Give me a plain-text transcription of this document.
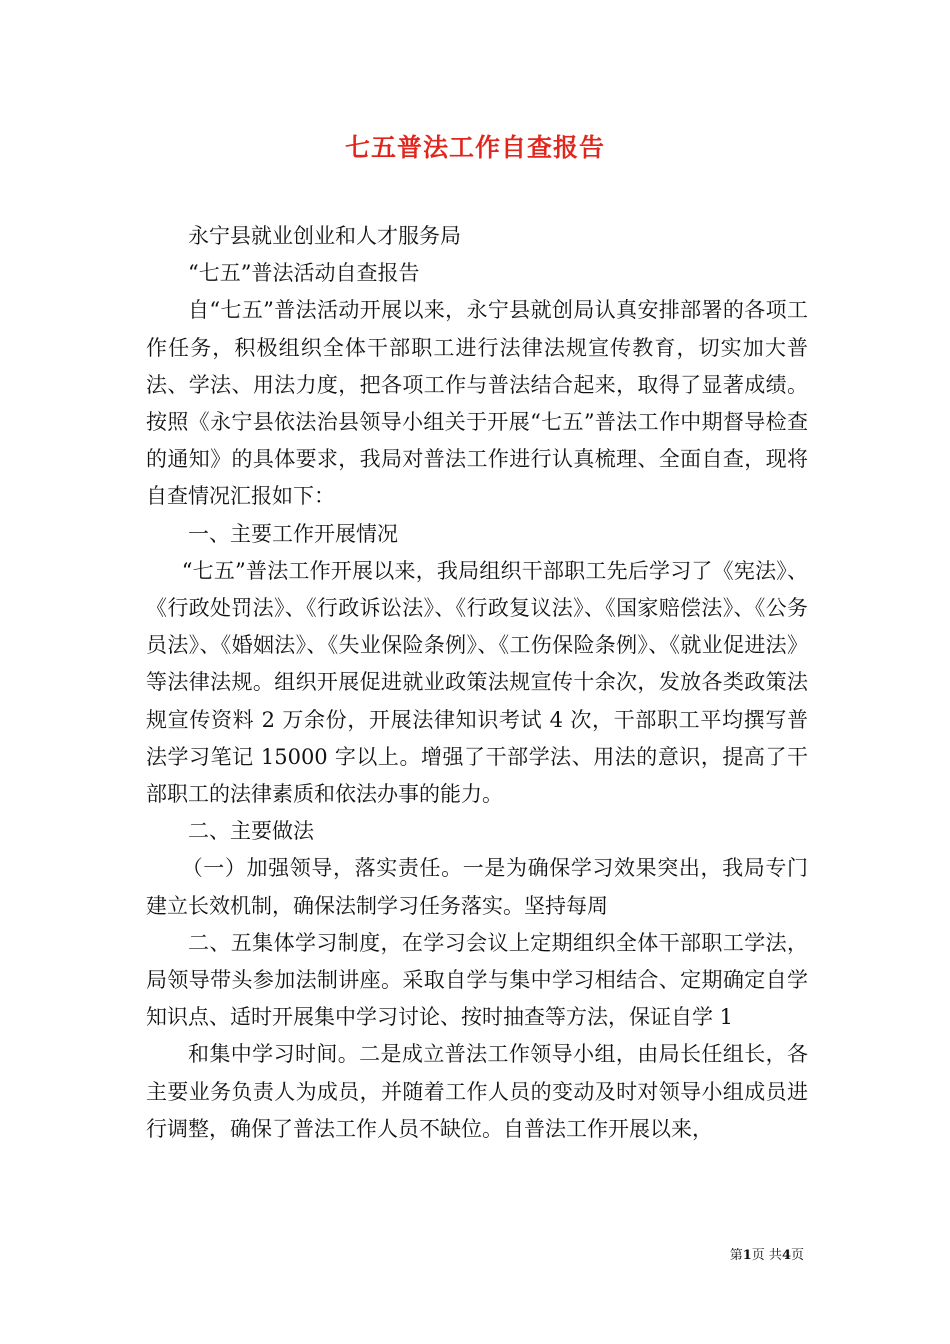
七五普法工作自查报告

永宁县就业创业和人才服务局

“七五”普法活动自查报告

自“七五”普法活动开展以来，永宁县就创局认真安排部署的各项工作任务，积极组织全体干部职工进行法律法规宣传教育，切实加大普法、学法、用法力度，把各项工作与普法结合起来，取得了显著成绩。按照《永宁县依法治县领导小组关于开展“七五”普法工作中期督导检查的通知》的具体要求，我局对普法工作进行认真梳理、全面自查，现将自查情况汇报如下：

一、主要工作开展情况

“七五”普法工作开展以来，我局组织干部职工先后学习了《宪法》、《行政处罚法》、《行政诉讼法》、《行政复议法》、《国家赔偿法》、《公务员法》、《婚姻法》、《失业保险条例》、《工伤保险条例》、《就业促进法》等法律法规。组织开展促进就业政策法规宣传十余次，发放各类政策法规宣传资料 2 万余份，开展法律知识考试 4 次，干部职工平均撰写普法学习笔记 15000 字以上。增强了干部学法、用法的意识，提高了干部职工的法律素质和依法办事的能力。

二、主要做法

（一）加强领导，落实责任。一是为确保学习效果突出，我局专门建立长效机制，确保法制学习任务落实。坚持每周

二、五集体学习制度，在学习会议上定期组织全体干部职工学法，局领导带头参加法制讲座。采取自学与集中学习相结合、定期确定自学知识点、适时开展集中学习讨论、按时抽查等方法，保证自学 1

和集中学习时间。二是成立普法工作领导小组，由局长任组长，各主要业务负责人为成员，并随着工作人员的变动及时对领导小组成员进行调整，确保了普法工作人员不缺位。自普法工作开展以来，

第1页 共4页
